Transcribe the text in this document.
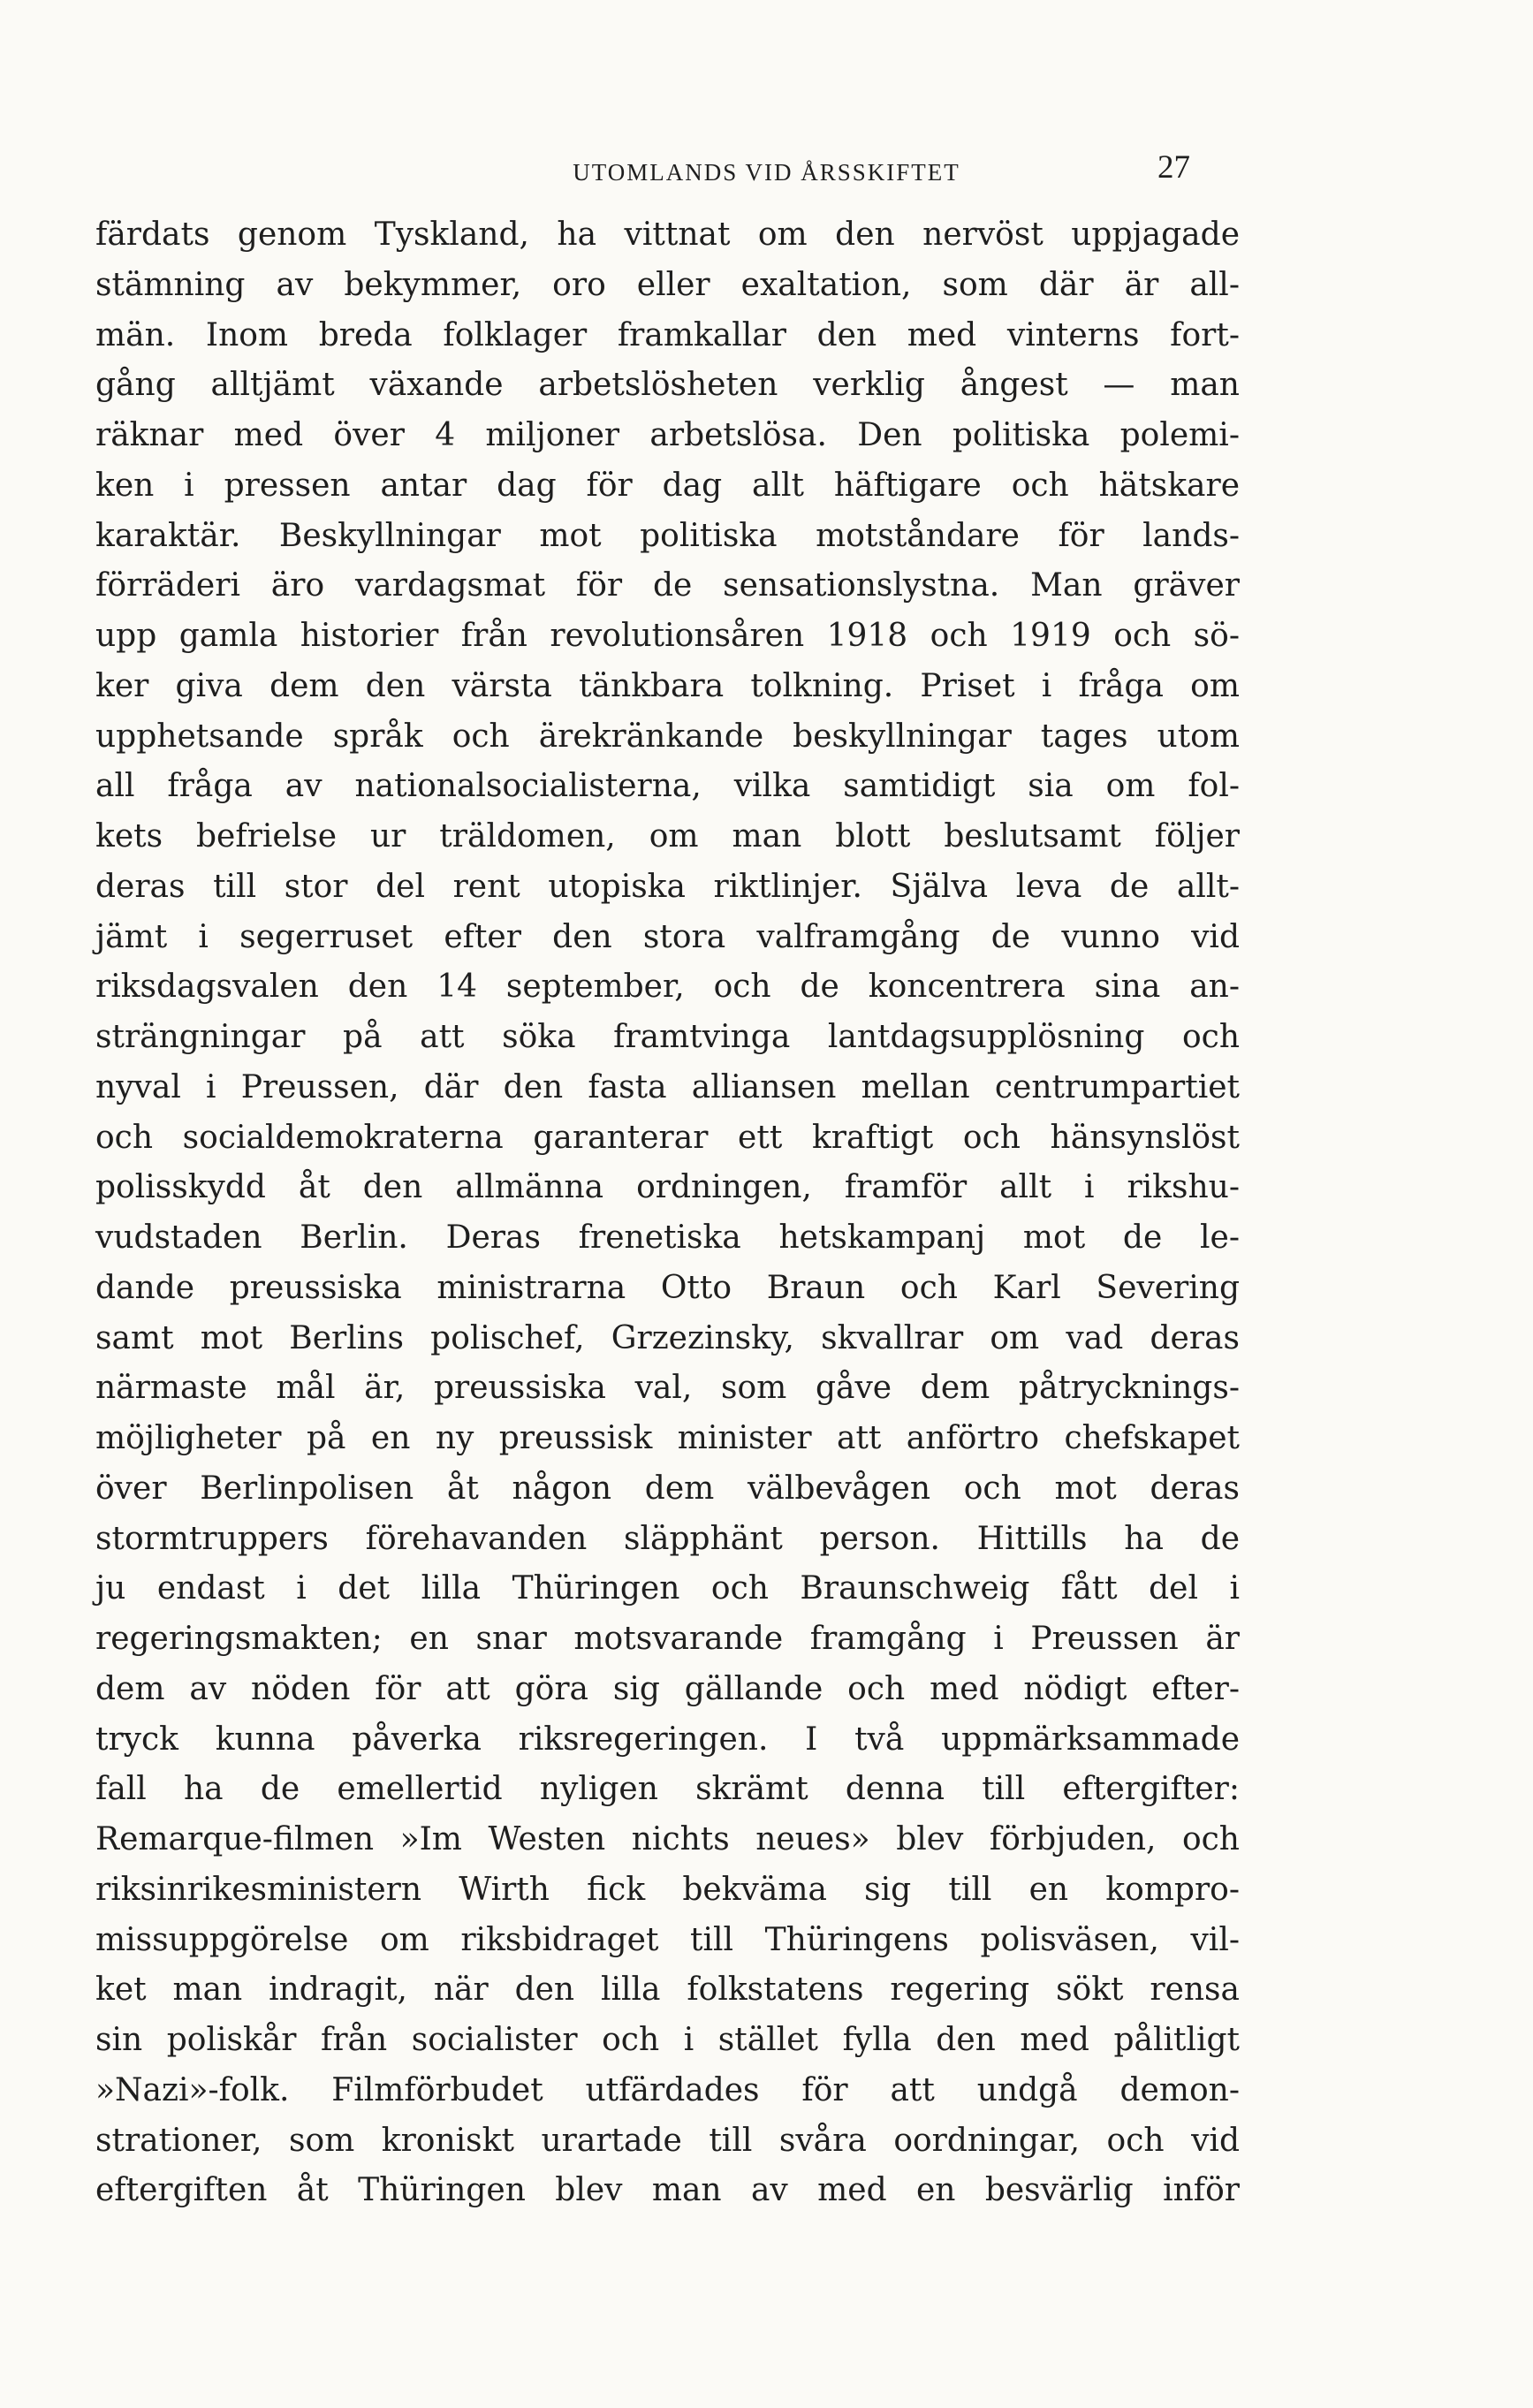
UTOMLANDS VID ÅRSSKIFTET	27
färdats genom Tyskland, ha vittnat om den nervöst uppjagade
stämning av bekymmer, oro eller exaltation, som där är all-
män. Inom breda folklager framkallar den med vinterns fort-
gång alltjämt växande arbetslösheten verklig ångest — man
räknar med över 4 miljoner arbetslösa. Den politiska polemi-
ken i pressen antar dag för dag allt häftigare och hätskare
karaktär. Beskyllningar mot politiska motståndare för lands-
förräderi äro vardagsmat för de sensationslystna. Man gräver
upp gamla historier från revolutionsåren 1918 och 1919 och sö-
ker giva dem den värsta tänkbara tolkning. Priset i fråga om
upphetsande språk och ärekränkande beskyllningar tages utom
all fråga av nationalsocialisterna, vilka samtidigt sia om fol-
kets befrielse ur träldomen, om man blott beslutsamt följer
deras till stor del rent utopiska riktlinjer. Själva leva de allt-
jämt i segerruset efter den stora valframgång de vunno vid
riksdagsvalen den 14 september, och de koncentrera sina an-
strängningar på att söka framtvinga lantdagsupplösning och
nyval i Preussen, där den fasta alliansen mellan centrumpartiet
och socialdemokraterna garanterar ett kraftigt och hänsynslöst
polisskydd åt den allmänna ordningen, framför allt i rikshu-
vudstaden Berlin. Deras frenetiska hetskampanj mot de le-
dande preussiska ministrarna Otto Braun och Karl Severing
samt mot Berlins polischef, Grzezinsky, skvallrar om vad deras
närmaste mål är, preussiska val, som gåve dem påtrycknings-
möjligheter på en ny preussisk minister att anförtro chefskapet
över Berlinpolisen åt någon dem välbevågen och mot deras
stormtruppers förehavanden släpphänt person. Hittills ha de
ju endast i det lilla Thüringen och Braunschweig fått del i
regeringsmakten; en snar motsvarande framgång i Preussen är
dem av nöden för att göra sig gällande och med nödigt efter-
tryck kunna påverka riksregeringen. I två uppmärksammade
fall ha de emellertid nyligen skrämt denna till eftergifter:
Remarque-filmen »Im Westen nichts neues» blev förbjuden, och
riksinrikesministern Wirth fick bekväma sig till en kompro-
missuppgörelse om riksbidraget till Thüringens polisväsen, vil-
ket man indragit, när den lilla folkstatens regering sökt rensa
sin poliskår från socialister och i stället fylla den med pålitligt
»Nazi»-folk. Filmförbudet utfärdades för att undgå demon-
strationer, som kroniskt urartade till svåra oordningar, och vid
eftergiften åt Thüringen blev man av med en besvärlig inför
